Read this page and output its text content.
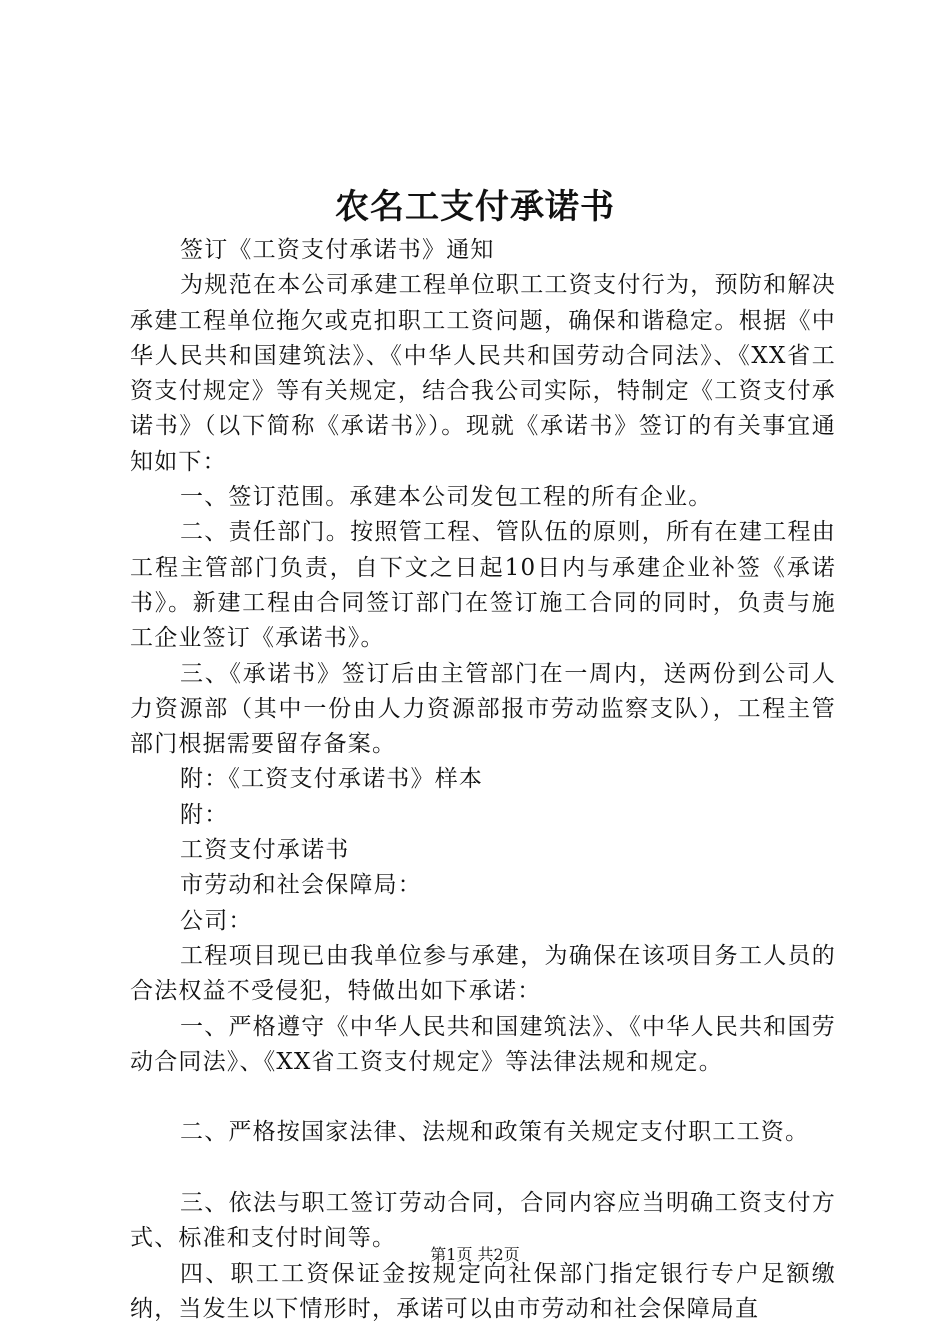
农名工支付承诺书

签订《工资支付承诺书》通知

为规范在本公司承建工程单位职工工资支付行为，预防和解决承建工程单位拖欠或克扣职工工资问题，确保和谐稳定。根据《中华人民共和国建筑法》、《中华人民共和国劳动合同法》、《XX省工资支付规定》等有关规定，结合我公司实际，特制定《工资支付承诺书》（以下简称《承诺书》）。现就《承诺书》签订的有关事宜通知如下：

一、签订范围。承建本公司发包工程的所有企业。

二、责任部门。按照管工程、管队伍的原则，所有在建工程由工程主管部门负责，自下文之日起10日内与承建企业补签《承诺书》。新建工程由合同签订部门在签订施工合同的同时，负责与施工企业签订《承诺书》。

三、《承诺书》签订后由主管部门在一周内，送两份到公司人力资源部（其中一份由人力资源部报市劳动监察支队），工程主管部门根据需要留存备案。

附：《工资支付承诺书》样本

附：

工资支付承诺书

市劳动和社会保障局：

公司：

工程项目现已由我单位参与承建，为确保在该项目务工人员的合法权益不受侵犯，特做出如下承诺：

一、严格遵守《中华人民共和国建筑法》、《中华人民共和国劳动合同法》、《XX省工资支付规定》等法律法规和规定。

二、严格按国家法律、法规和政策有关规定支付职工工资。

三、依法与职工签订劳动合同，合同内容应当明确工资支付方式、标准和支付时间等。

四、职工工资保证金按规定向社保部门指定银行专户足额缴纳，当发生以下情形时，承诺可以由市劳动和社会保障局直

第1页 共2页
